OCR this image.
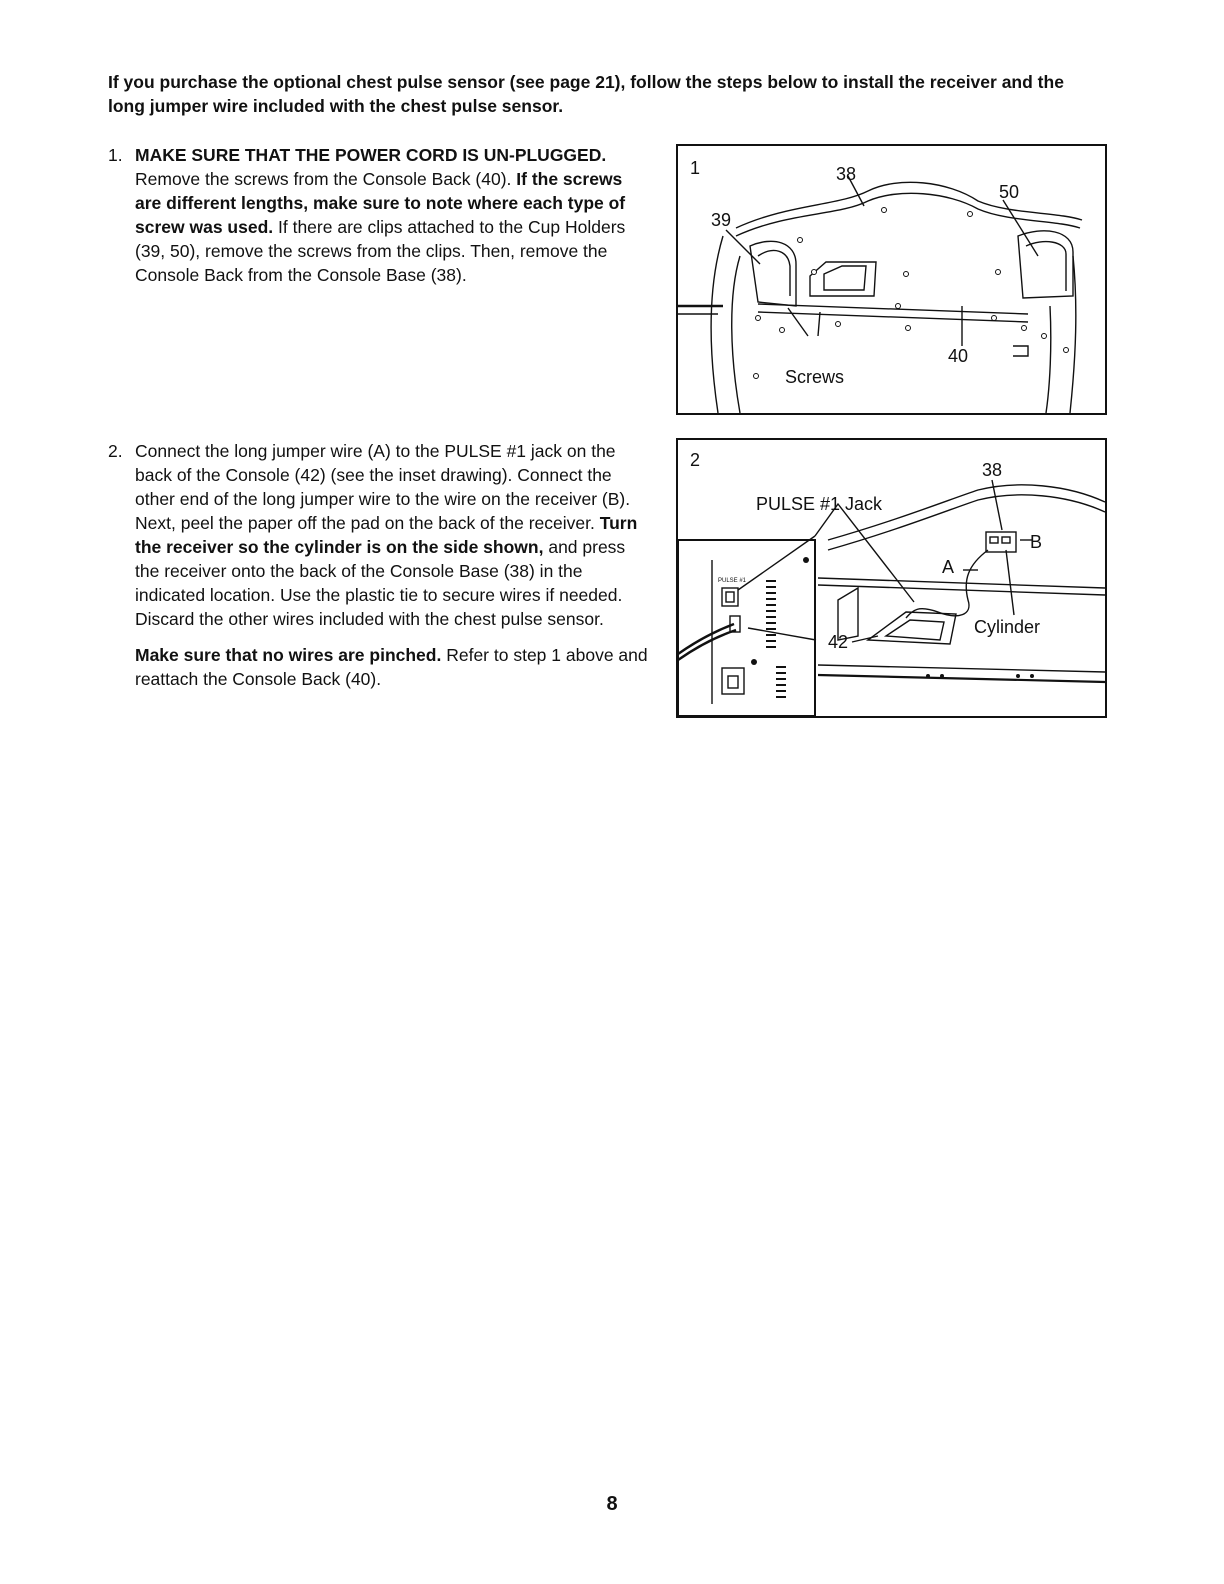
If you purchase the optional chest pulse sensor (see page 21), follow the steps below to install the receiver and the long jumper wire included with the chest pulse sensor.

1. MAKE SURE THAT THE POWER CORD IS UN-PLUGGED. Remove the screws from the Console Back (40). If the screws are different lengths, make sure to note where each type of screw was used. If there are clips attached to the Cup Holders (39, 50), remove the screws from the clips. Then, remove the Console Back from the Console Base (38).

2. Connect the long jumper wire (A) to the PULSE #1 jack on the back of the Console (42) (see the inset drawing). Connect the other end of the long jumper wire to the wire on the receiver (B). Next, peel the paper off the pad on the back of the receiver. Turn the receiver so the cylinder is on the side shown, and press the receiver onto the back of the Console Base (38) in the indicated location. Use the plastic tie to secure wires if needed. Discard the other wires included with the chest pulse sensor.

Make sure that no wires are pinched. Refer to step 1 above and reattach the Console Back (40).

1	38
50
39
40
Screws
2	38
PULSE #1 Jack
B
A
Cylinder
42
PULSE #1
8
